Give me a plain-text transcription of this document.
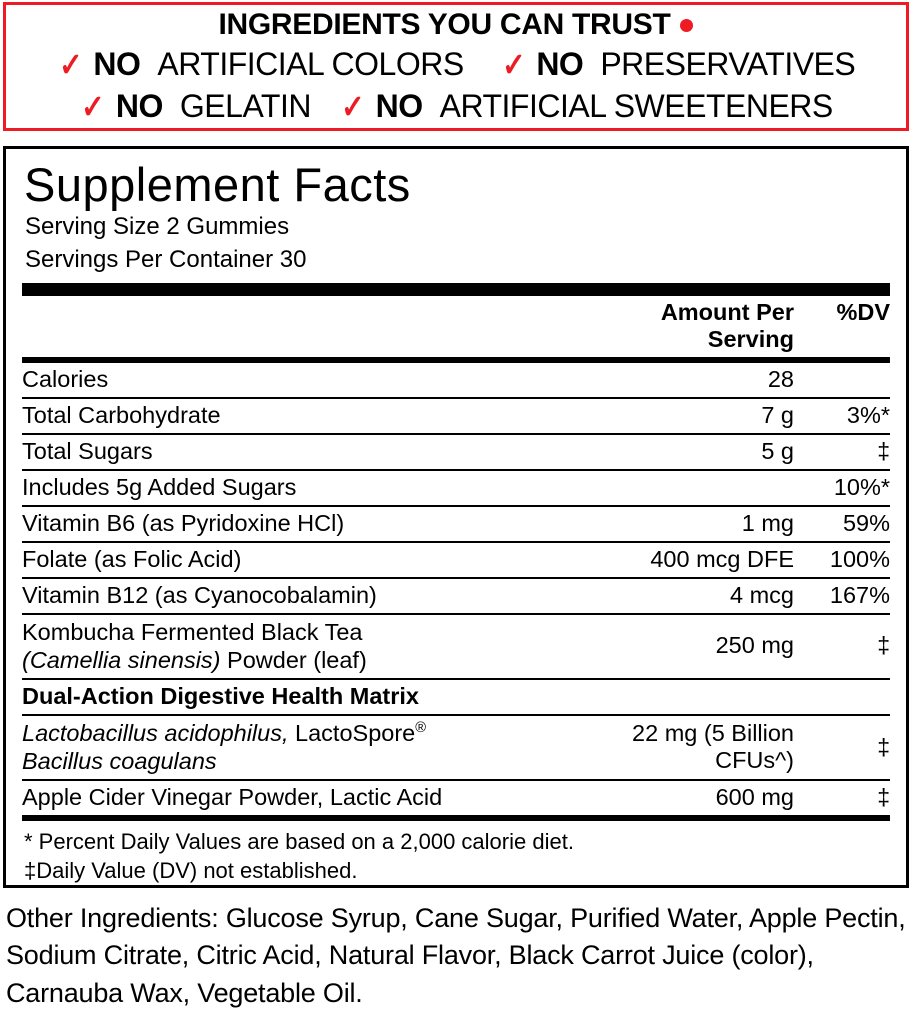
INGREDIENTS YOU CAN TRUST
✓ NO ARTIFICIAL COLORS ✓ NO PRESERVATIVES
✓ NO GELATIN ✓ NO ARTIFICIAL SWEETENERS
Supplement Facts
Serving Size 2 Gummies
Servings Per Container 30
	Amount Per Serving	%DV
Calories	28	
Total Carbohydrate	7 g	3%*
Total Sugars	5 g	‡
Includes 5g Added Sugars		10%*
Vitamin B6 (as Pyridoxine HCl)	1 mg	59%
Folate (as Folic Acid)	400 mcg DFE	100%
Vitamin B12 (as Cyanocobalamin)	4 mcg	167%
Kombucha Fermented Black Tea
(Camellia sinensis) Powder (leaf)	250 mg	‡
Dual-Action Digestive Health Matrix		
Lactobacillus acidophilus, LactoSpore®
Bacillus coagulans	22 mg (5 Billion CFUs^)	‡
Apple Cider Vinegar Powder, Lactic Acid	600 mg	‡
* Percent Daily Values are based on a 2,000 calorie diet.
‡Daily Value (DV) not established.
Other Ingredients: Glucose Syrup, Cane Sugar, Purified Water, Apple Pectin, Sodium Citrate, Citric Acid, Natural Flavor, Black Carrot Juice (color), Carnauba Wax, Vegetable Oil.
